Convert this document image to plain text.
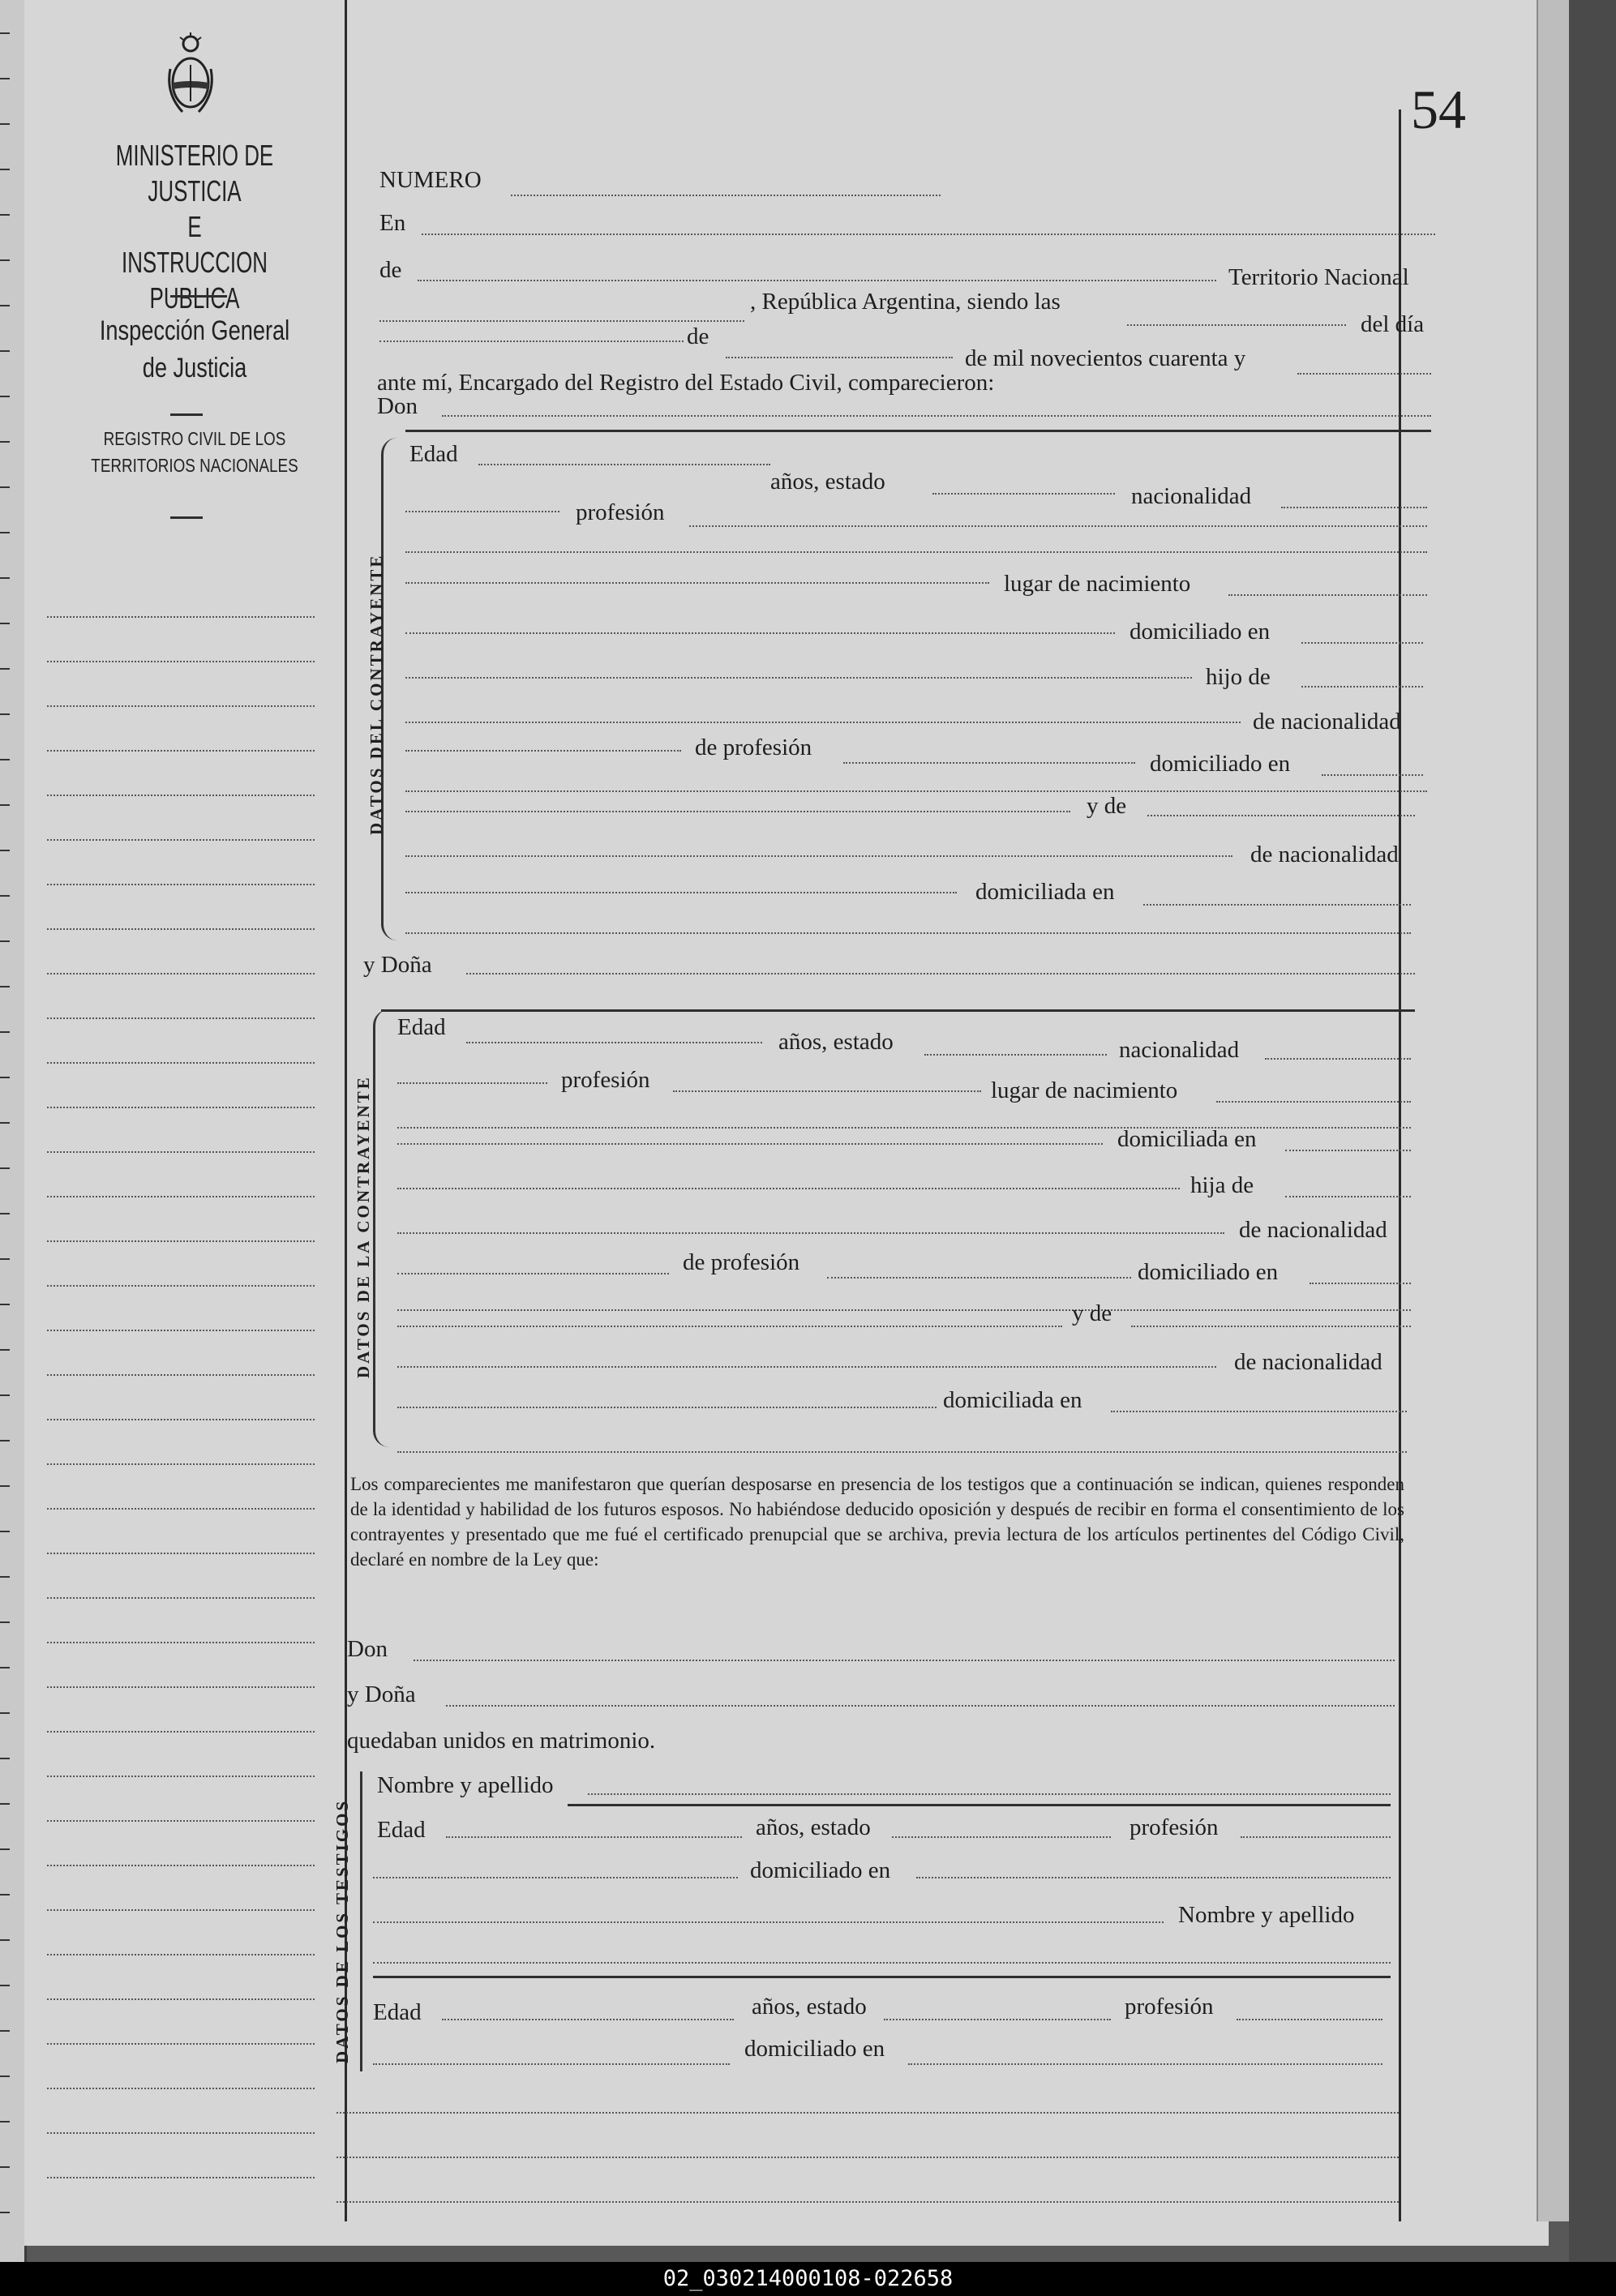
MINISTERIO DE JUSTICIA
E
INSTRUCCION PUBLICA
Inspección General
de Justicia
REGISTRO CIVIL DE LOS
TERRITORIOS NACIONALES
54
NUMERO
En
de	Territorio Nacional
, República Argentina, siendo las
del día
de
de mil novecientos cuarenta y
ante mí, Encargado del Registro del Estado Civil, comparecieron:
Don
DATOS DEL CONTRAYENTE
Edad
años, estado
nacionalidad
profesión
lugar de nacimiento
domiciliado en
hijo de
de nacionalidad
de profesión
domiciliado en
y de
de nacionalidad
domiciliada en
y Doña
DATOS DE LA CONTRAYENTE
Edad
años, estado	nacionalidad
profesión	lugar de nacimiento
domiciliada en
hija de
de nacionalidad
de profesión	domiciliado en
y de
de nacionalidad
domiciliada en
Los comparecientes me manifestaron que querían desposarse en presencia de los testigos que a continuación se indican, quienes responden de la identidad y habilidad de los futuros esposos. No habiéndose deducido oposición y después de recibir en forma el consentimiento de los contrayentes y presentado que me fué el certificado prenupcial que se archiva, previa lectura de los artículos pertinentes del Código Civil, declaré en nombre de la Ley que:
Don
y Doña
quedaban unidos en matrimonio.
DATOS DE LOS TESTIGOS
Nombre y apellido
Edad	años, estado	profesión
domiciliado en
Nombre y apellido
Edad	años, estado	profesión
domiciliado en
02_030214000108-022658
